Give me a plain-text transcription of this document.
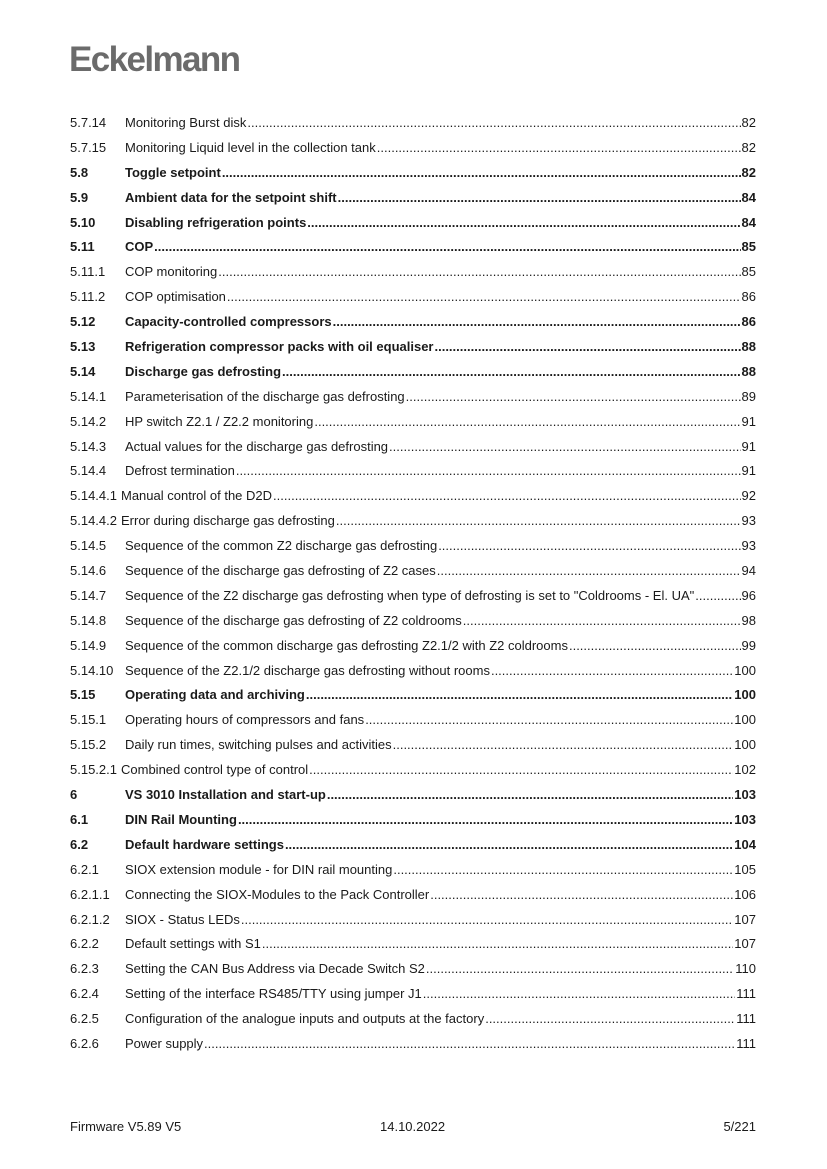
Eckelmann
5.7.14	Monitoring Burst disk .....	82
5.7.15	Monitoring Liquid level in the collection tank .....	82
5.8	Toggle setpoint .....	82
5.9	Ambient data for the setpoint shift .....	84
5.10	Disabling refrigeration points .....	84
5.11	COP .....	85
5.11.1	COP monitoring .....	85
5.11.2	COP optimisation .....	86
5.12	Capacity-controlled compressors .....	86
5.13	Refrigeration compressor packs with oil equaliser .....	88
5.14	Discharge gas defrosting .....	88
5.14.1	Parameterisation of the discharge gas defrosting .....	89
5.14.2	HP switch Z2.1 / Z2.2 monitoring .....	91
5.14.3	Actual values for the discharge gas defrosting .....	91
5.14.4	Defrost termination .....	91
5.14.4.1 Manual control of the D2D .....	92
5.14.4.2 Error during discharge gas defrosting .....	93
5.14.5	Sequence of the common Z2 discharge gas defrosting .....	93
5.14.6	Sequence of the discharge gas defrosting of Z2 cases .....	94
5.14.7	Sequence of the Z2 discharge gas defrosting when type of defrosting is set to "Coldrooms - El. UA" .....	96
5.14.8	Sequence of the discharge gas defrosting of Z2 coldrooms .....	98
5.14.9	Sequence of the common discharge gas defrosting Z2.1/2 with Z2 coldrooms .....	99
5.14.10 Sequence of the Z2.1/2 discharge gas defrosting without rooms .....	100
5.15	Operating data and archiving .....	100
5.15.1	Operating hours of compressors and fans .....	100
5.15.2	Daily run times, switching pulses and activities .....	100
5.15.2.1 Combined control type of control .....	102
6	VS 3010 Installation and start-up .....	103
6.1	DIN Rail Mounting .....	103
6.2	Default hardware settings .....	104
6.2.1	SIOX extension module - for DIN rail mounting .....	105
6.2.1.1	Connecting the SIOX-Modules to the Pack Controller .....	106
6.2.1.2	SIOX - Status LEDs .....	107
6.2.2	Default settings with S1 .....	107
6.2.3	Setting the CAN Bus Address via Decade Switch S2 .....	110
6.2.4	Setting of the interface RS485/TTY using jumper J1 .....	111
6.2.5	Configuration of the analogue inputs and outputs at the factory .....	111
6.2.6	Power supply .....	111
Firmware V5.89 V5	14.10.2022	5/221
